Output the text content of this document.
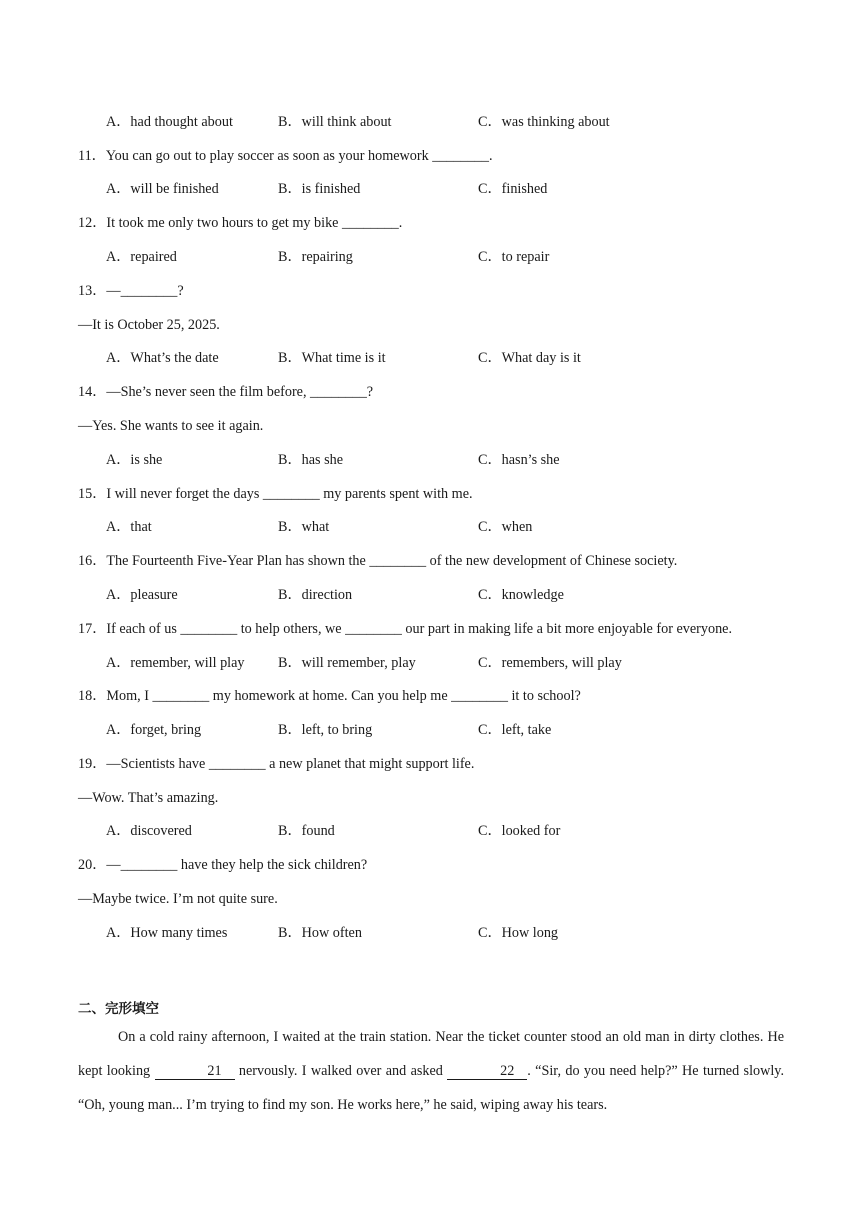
A．had thought about	B．will think about	C．was thinking about
11．You can go out to play soccer as soon as your homework ________.
A．will be finished	B．is finished	C．finished
12．It took me only two hours to get my bike ________.
A．repaired	B．repairing	C．to repair
13．—________?
—It is October 25, 2025.
A．What’s the date	B．What time is it	C．What day is it
14．—She’s never seen the film before, ________?
—Yes. She wants to see it again.
A．is she	B．has she	C．hasn’s she
15．I will never forget the days ________ my parents spent with me.
A．that	B．what	C．when
16．The Fourteenth Five-Year Plan has shown the ________ of the new development of Chinese society.
A．pleasure	B．direction	C．knowledge
17．If each of us ________ to help others, we ________ our part in making life a bit more enjoyable for everyone.
A．remember, will play B．will remember, play	C．remembers, will play
18．Mom, I ________ my homework at home. Can you help me ________ it to school?
A．forget, bring	B．left, to bring	C．left, take
19．—Scientists have ________ a new planet that might support life.
—Wow. That’s amazing.
A．discovered	B．found	C．looked for
20．—________ have they help the sick children?
—Maybe twice. I’m not quite sure.
A．How many times	B．How often	C．How long
二、完形填空
On a cold rainy afternoon, I waited at the train station. Near the ticket counter stood an old man in dirty clothes. He kept looking	21 nervously. I walked over and asked	22 . “Sir, do you need help?” He turned slowly. “Oh, young man... I’m trying to find my son. He works here,” he said, wiping away his tears.
